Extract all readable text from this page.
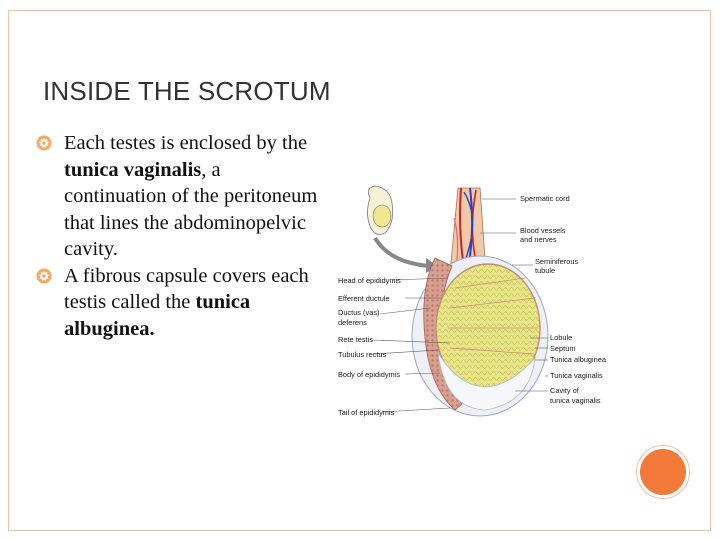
INSIDE THE SCROTUM
Each testes is enclosed by the tunica vaginalis, a continuation of the peritoneum that lines the abdominopelvic cavity.
A fibrous capsule covers each testis called the tunica albuginea.
Head of epididymis
Efferent ductule
Ductus (vas)
deferens
Rete testis
Tubulus rectus
Body of epididymis
Tail of epididymis
Spermatic cord
Blood vessels
and nerves
Seminiferous
tubule
Lobule
Septum
Tunica albuginea
Tunica vaginalis
Cavity of
tunica vaginalis
